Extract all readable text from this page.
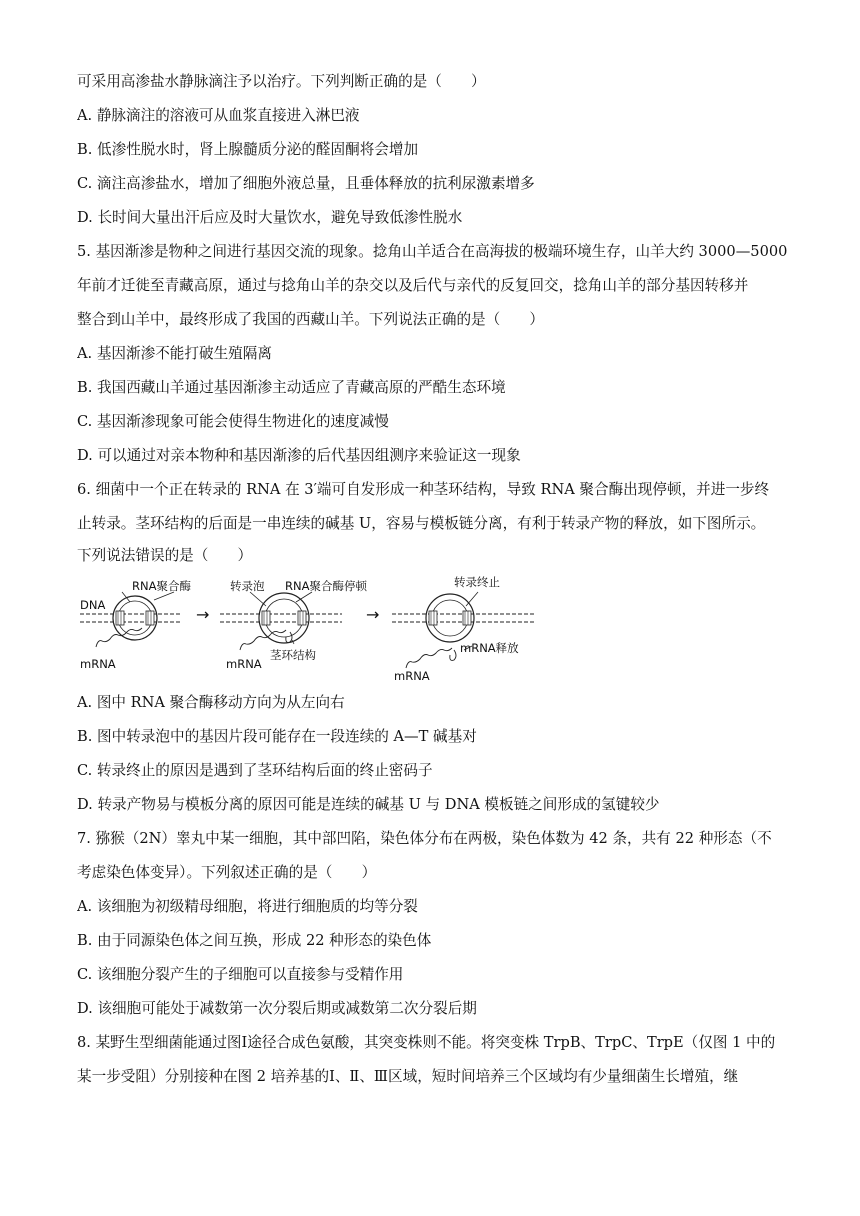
可采用高渗盐水静脉滴注予以治疗。下列判断正确的是（　　）
A. 静脉滴注的溶液可从血浆直接进入淋巴液
B. 低渗性脱水时，肾上腺髓质分泌的醛固酮将会增加
C. 滴注高渗盐水，增加了细胞外液总量，且垂体释放的抗利尿激素增多
D. 长时间大量出汗后应及时大量饮水，避免导致低渗性脱水
5. 基因渐渗是物种之间进行基因交流的现象。捻角山羊适合在高海拔的极端环境生存，山羊大约 3000—5000
年前才迁徙至青藏高原，通过与捻角山羊的杂交以及后代与亲代的反复回交，捻角山羊的部分基因转移并
整合到山羊中，最终形成了我国的西藏山羊。下列说法正确的是（　　）
A. 基因渐渗不能打破生殖隔离
B. 我国西藏山羊通过基因渐渗主动适应了青藏高原的严酷生态环境
C. 基因渐渗现象可能会使得生物进化的速度减慢
D. 可以通过对亲本物种和基因渐渗的后代基因组测序来验证这一现象
6. 细菌中一个正在转录的 RNA 在 3′端可自发形成一种茎环结构，导致 RNA 聚合酶出现停顿，并进一步终
止转录。茎环结构的后面是一串连续的碱基 U，容易与模板链分离，有利于转录产物的释放，如下图所示。
下列说法错误的是（　　）
DNA
RNA聚合酶
mRNA
→
转录泡 RNA聚合酶停顿
茎环结构
mRNA
→
转录终止
mRNA释放
mRNA
A. 图中 RNA 聚合酶移动方向为从左向右
B. 图中转录泡中的基因片段可能存在一段连续的 A—T 碱基对
C. 转录终止的原因是遇到了茎环结构后面的终止密码子
D. 转录产物易与模板分离的原因可能是连续的碱基 U 与 DNA 模板链之间形成的氢键较少
7. 猕猴（2N）睾丸中某一细胞，其中部凹陷，染色体分布在两极，染色体数为 42 条，共有 22 种形态（不
考虑染色体变异）。下列叙述正确的是（　　）
A. 该细胞为初级精母细胞，将进行细胞质的均等分裂
B. 由于同源染色体之间互换，形成 22 种形态的染色体
C. 该细胞分裂产生的子细胞可以直接参与受精作用
D. 该细胞可能处于减数第一次分裂后期或减数第二次分裂后期
8. 某野生型细菌能通过图Ⅰ途径合成色氨酸，其突变株则不能。将突变株 TrpB、TrpC、TrpE（仅图 1 中的
某一步受阻）分别接种在图 2 培养基的Ⅰ、Ⅱ、Ⅲ区域，短时间培养三个区域均有少量细菌生长增殖，继
